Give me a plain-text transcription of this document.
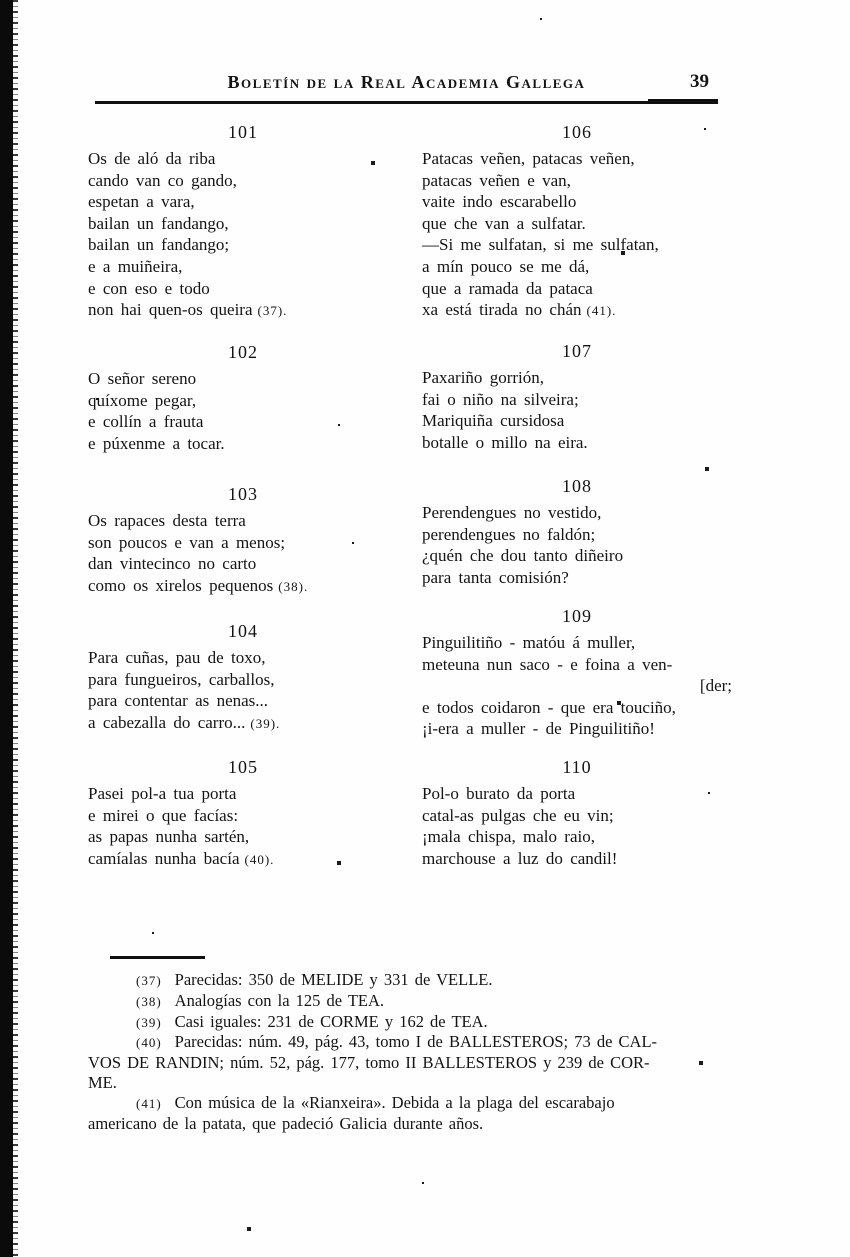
Boletín de la Real Academia Gallega	39
101
Os de aló da riba
cando van co gando,
espetan a vara,
bailan un fandango,
bailan un fandango;
e a muiñeira,
e con eso e todo
non hai quen-os queira (37).
102
O señor sereno
quíxome pegar,
e collín a frauta
e púxenme a tocar.
103
Os rapaces desta terra
son poucos e van a menos;
dan vintecinco no carto
como os xirelos pequenos (38).
104
Para cuñas, pau de toxo,
para fungueiros, carballos,
para contentar as nenas...
a cabezalla do carro... (39).
105
Pasei pol-a tua porta
e mirei o que facías:
as papas nunha sartén,
camíalas nunha bacía (40).
106
Patacas veñen, patacas veñen,
patacas veñen e van,
vaite indo escarabello
que che van a sulfatar.
—Si me sulfatan, si me sulfatan,
a mín pouco se me dá,
que a ramada da pataca
xa está tirada no chán (41).
107
Paxariño gorrión,
fai o niño na silveira;
Mariquiña cursidosa
botalle o millo na eira.
108
Perendengues no vestido,
perendengues no faldón;
¿quén che dou tanto diñeiro
para tanta comisión?
109
Pinguilitiño - matóu á muller,
meteuna nun saco - e foina a ven-
[der;
e todos coidaron - que era touciño,
¡i-era a muller - de Pinguilitiño!
110
Pol-o burato da porta
catal-as pulgas che eu vin;
¡mala chispa, malo raio,
marchouse a luz do candil!
(37) Parecidas: 350 de MELIDE y 331 de VELLE.
(38) Analogías con la 125 de TEA.
(39) Casi iguales: 231 de CORME y 162 de TEA.
(40) Parecidas: núm. 49, pág. 43, tomo I de BALLESTEROS; 73 de CAL-
VOS DE RANDIN; núm. 52, pág. 177, tomo II BALLESTEROS y 239 de COR-
ME.
(41) Con música de la «Rianxeira». Debida a la plaga del escarabajo
americano de la patata, que padeció Galicia durante años.
